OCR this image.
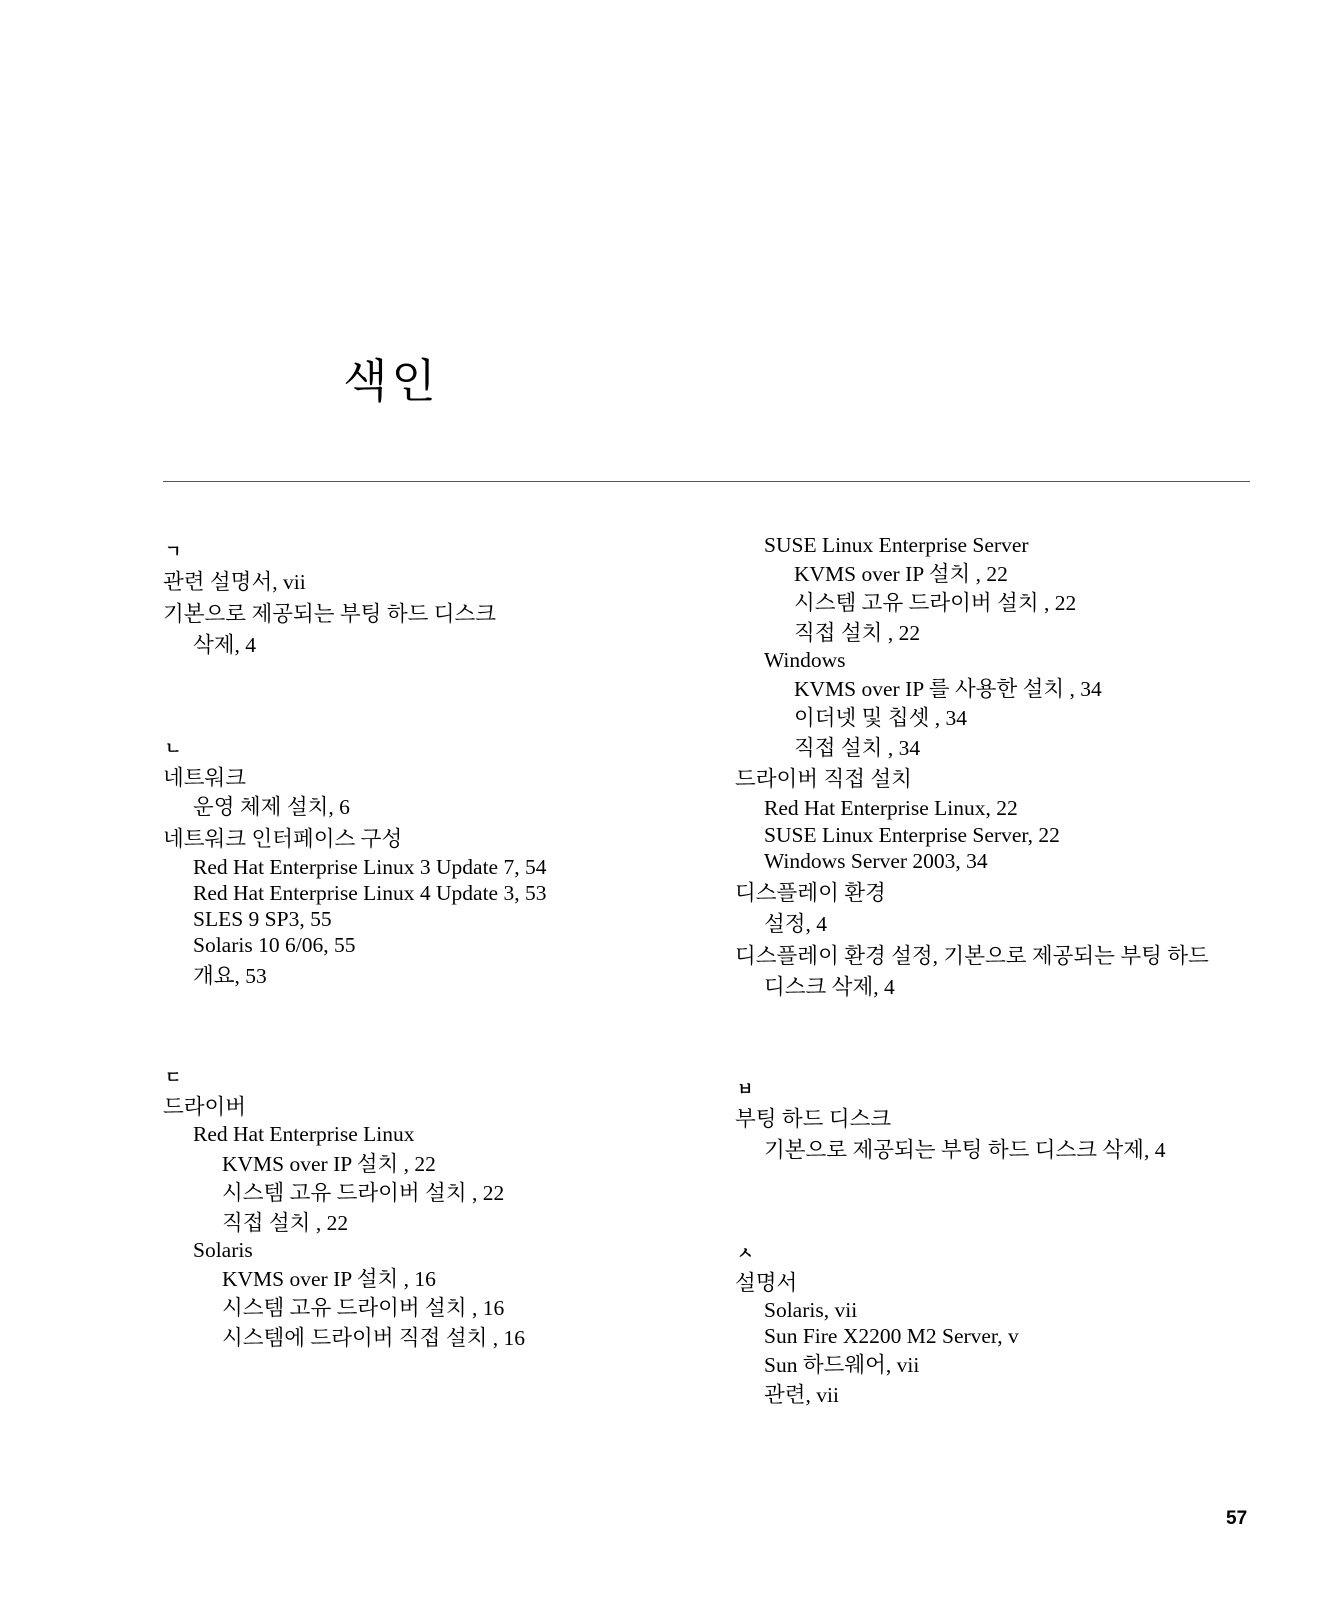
색인
ㄱ
관련 설명서, vii
기본으로 제공되는 부팅 하드 디스크
삭제, 4
ㄴ
네트워크
운영 체제 설치, 6
네트워크 인터페이스 구성
Red Hat Enterprise Linux 3 Update 7, 54
Red Hat Enterprise Linux 4 Update 3, 53
SLES 9 SP3, 55
Solaris 10 6/06, 55
개요, 53
ㄷ
드라이버
Red Hat Enterprise Linux
KVMS over IP 설치 , 22
시스템 고유 드라이버 설치 , 22
직접 설치 , 22
Solaris
KVMS over IP 설치 , 16
시스템 고유 드라이버 설치 , 16
시스템에 드라이버 직접 설치 , 16
SUSE Linux Enterprise Server
KVMS over IP 설치 , 22
시스템 고유 드라이버 설치 , 22
직접 설치 , 22
Windows
KVMS over IP 를 사용한 설치 , 34
이더넷 및 칩셋 , 34
직접 설치 , 34
드라이버 직접 설치
Red Hat Enterprise Linux, 22
SUSE Linux Enterprise Server, 22
Windows Server 2003, 34
디스플레이 환경
설정, 4
디스플레이 환경 설정, 기본으로 제공되는 부팅 하드
디스크 삭제, 4
ㅂ
부팅 하드 디스크
기본으로 제공되는 부팅 하드 디스크 삭제, 4
ㅅ
설명서
Solaris, vii
Sun Fire X2200 M2 Server, v
Sun 하드웨어, vii
관련, vii
57
